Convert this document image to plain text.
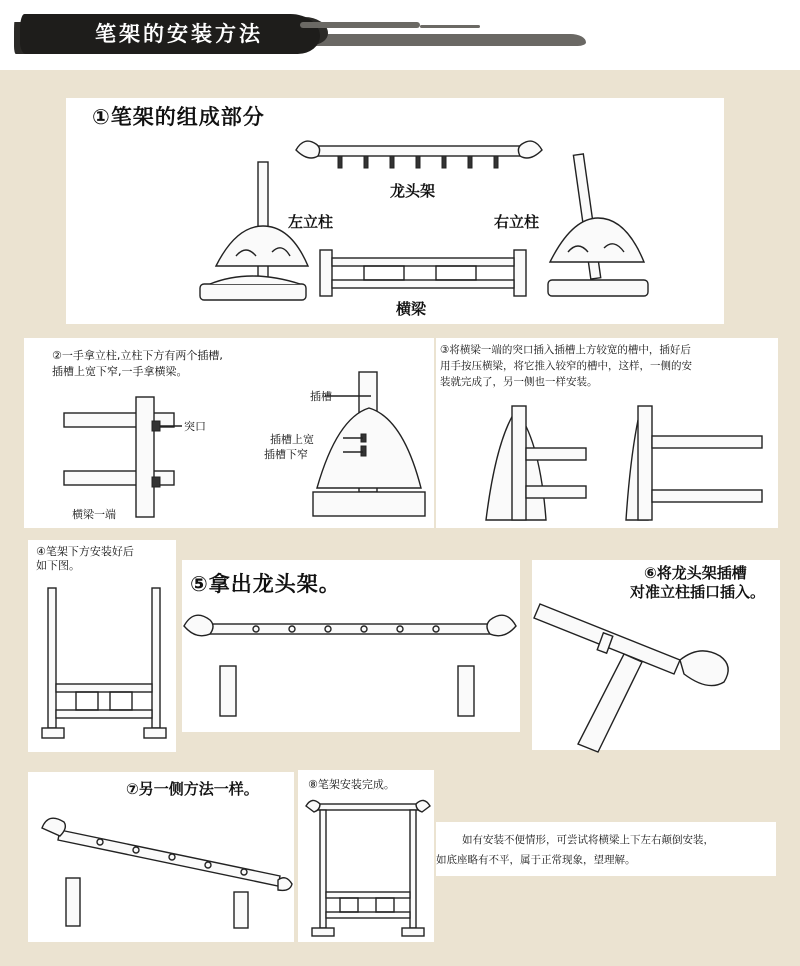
笔架的安装方法
①笔架的组成部分
龙头架
左立柱
横梁
右立柱
②一手拿立柱,立柱下方有两个插槽,
插槽上宽下窄,一手拿横梁。
突口
横梁一端
插槽
插槽上宽
插槽下窄
③将横梁一端的突口插入插槽上方较宽的槽中，插好后
用手按压横梁，将它推入较窄的槽中，这样，一侧的安
装就完成了，另一侧也一样安装。
④笔架下方安装好后
如下图。
⑤拿出龙头架。	⑥将龙头架插槽
对准立柱插口插入。
⑦另一侧方法一样。	⑧笔架安装完成。
如有安装不便情形，可尝试将横梁上下左右颠倒安装，
如底座略有不平，属于正常现象，望理解。
